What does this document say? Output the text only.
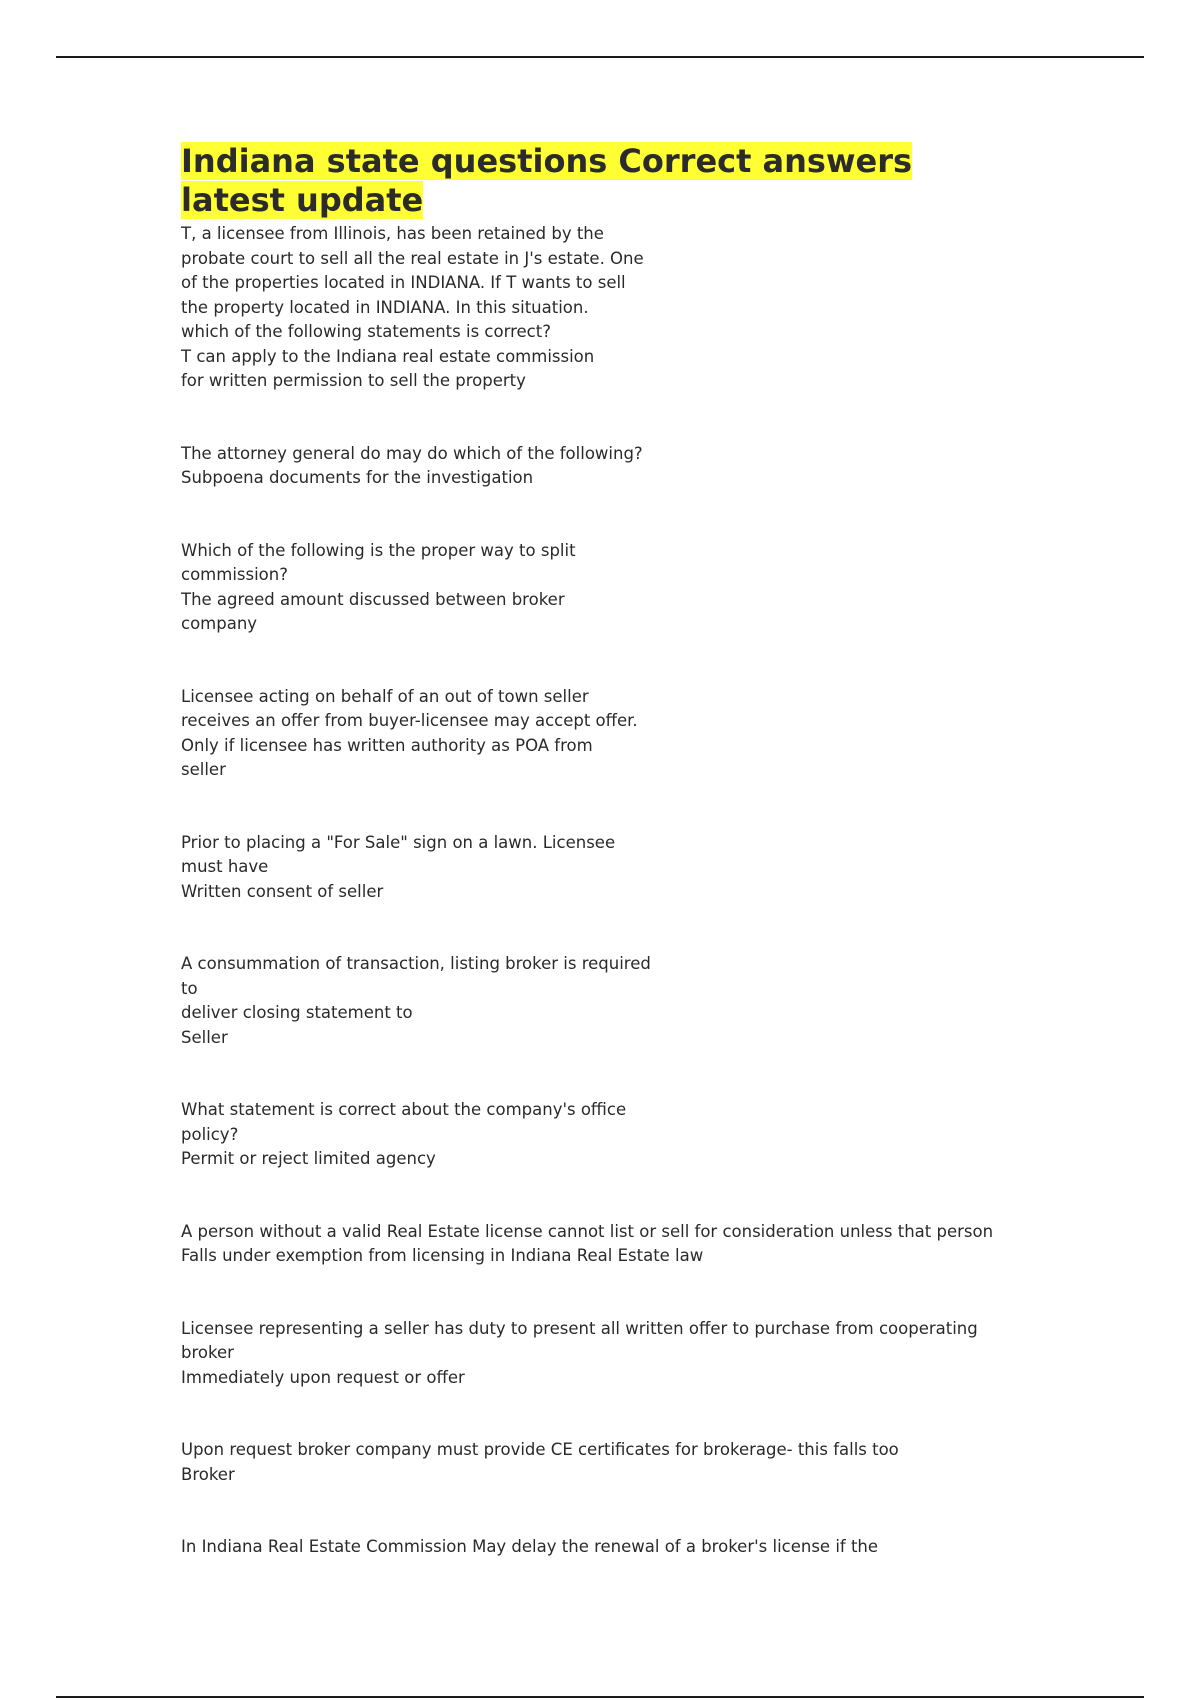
Indiana state questions Correct answers latest update
T, a licensee from Illinois, has been retained by the
probate court to sell all the real estate in J's estate. One
of the properties located in INDIANA. If T wants to sell
the property located in INDIANA. In this situation.
which of the following statements is correct?
T can apply to the Indiana real estate commission
for written permission to sell the property
The attorney general do may do which of the following?
Subpoena documents for the investigation
Which of the following is the proper way to split
commission?
The agreed amount discussed between broker
company
Licensee acting on behalf of an out of town seller
receives an offer from buyer-licensee may accept offer.
Only if licensee has written authority as POA from
seller
Prior to placing a "For Sale" sign on a lawn. Licensee
must have
Written consent of seller
A consummation of transaction, listing broker is required to
deliver closing statement to
Seller
What statement is correct about the company's office
policy?
Permit or reject limited agency
A person without a valid Real Estate license cannot list or sell for consideration unless that person
Falls under exemption from licensing in Indiana Real Estate law
Licensee representing a seller has duty to present all written offer to purchase from cooperating
broker
Immediately upon request or offer
Upon request broker company must provide CE certificates for brokerage- this falls too
Broker
In Indiana Real Estate Commission May delay the renewal of a broker's license if the
